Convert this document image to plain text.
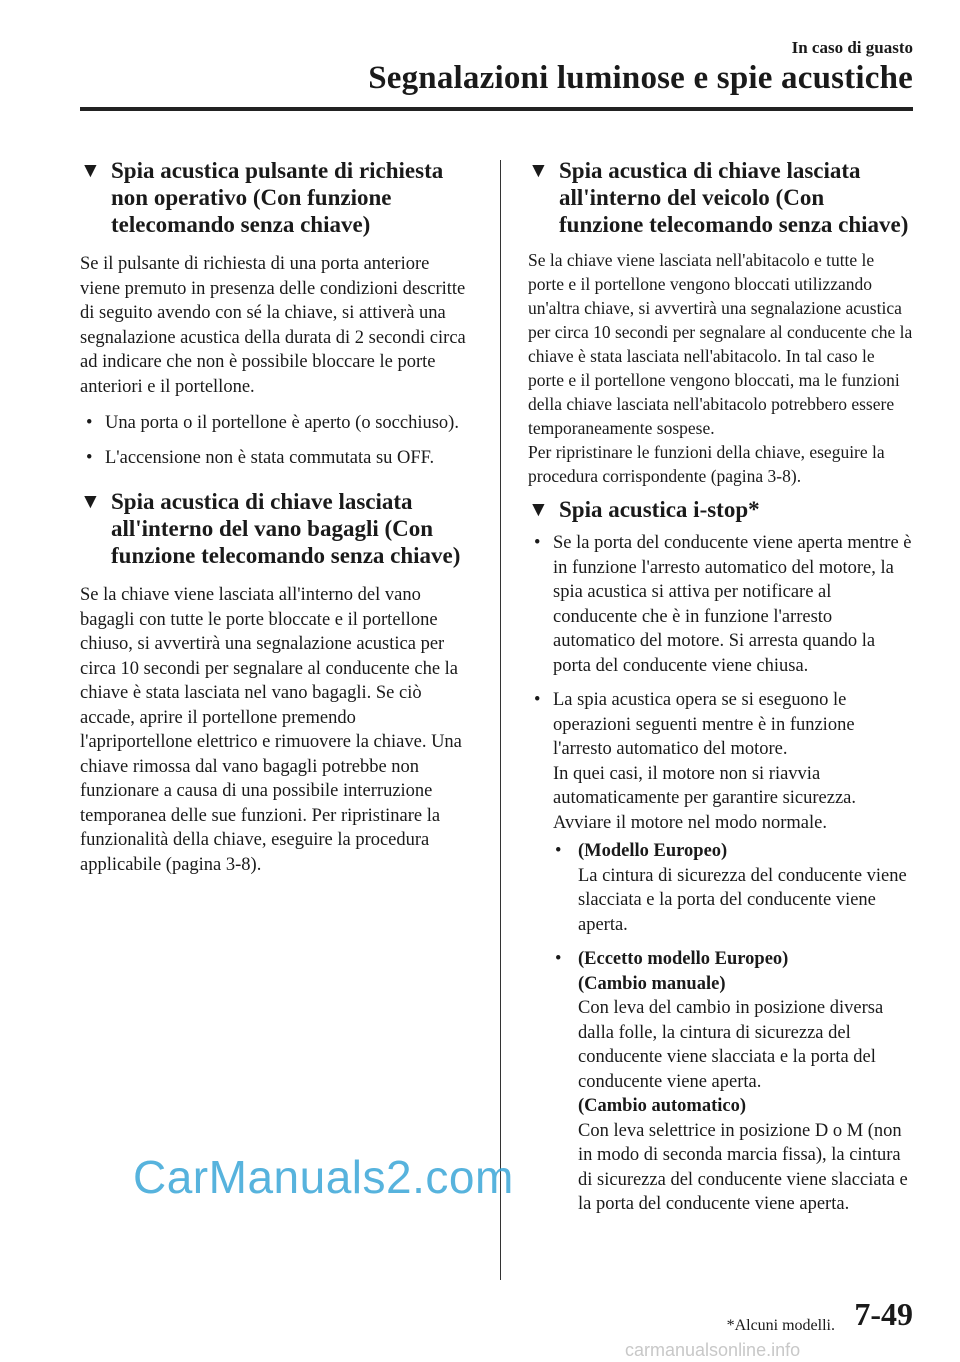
In caso di guasto
Segnalazioni luminose e spie acustiche
▼ Spia acustica pulsante di richiesta non operativo (Con funzione telecomando senza chiave)
Se il pulsante di richiesta di una porta anteriore viene premuto in presenza delle condizioni descritte di seguito avendo con sé la chiave, si attiverà una segnalazione acustica della durata di 2 secondi circa ad indicare che non è possibile bloccare le porte anteriori e il portellone.
• Una porta o il portellone è aperto (o socchiuso).
• L'accensione non è stata commutata su OFF.
▼ Spia acustica di chiave lasciata all'interno del vano bagagli (Con funzione telecomando senza chiave)
Se la chiave viene lasciata all'interno del vano bagagli con tutte le porte bloccate e il portellone chiuso, si avvertirà una segnalazione acustica per circa 10 secondi per segnalare al conducente che la chiave è stata lasciata nel vano bagagli. Se ciò accade, aprire il portellone premendo l'apriportellone elettrico e rimuovere la chiave. Una chiave rimossa dal vano bagagli potrebbe non funzionare a causa di una possibile interruzione temporanea delle sue funzioni. Per ripristinare la funzionalità della chiave, eseguire la procedura applicabile (pagina 3-8).
▼ Spia acustica di chiave lasciata all'interno del veicolo (Con funzione telecomando senza chiave)
Se la chiave viene lasciata nell'abitacolo e tutte le porte e il portellone vengono bloccati utilizzando un'altra chiave, si avvertirà una segnalazione acustica per circa 10 secondi per segnalare al conducente che la chiave è stata lasciata nell'abitacolo. In tal caso le porte e il portellone vengono bloccati, ma le funzioni della chiave lasciata nell'abitacolo potrebbero essere temporaneamente sospese.
Per ripristinare le funzioni della chiave, eseguire la procedura corrispondente (pagina 3-8).
▼ Spia acustica i-stop*
• Se la porta del conducente viene aperta mentre è in funzione l'arresto automatico del motore, la spia acustica si attiva per notificare al conducente che è in funzione l'arresto automatico del motore. Si arresta quando la porta del conducente viene chiusa.
• La spia acustica opera se si eseguono le operazioni seguenti mentre è in funzione l'arresto automatico del motore.
In quei casi, il motore non si riavvia automaticamente per garantire sicurezza. Avviare il motore nel modo normale.
• (Modello Europeo)
La cintura di sicurezza del conducente viene slacciata e la porta del conducente viene aperta.
• (Eccetto modello Europeo)
(Cambio manuale)
Con leva del cambio in posizione diversa dalla folle, la cintura di sicurezza del conducente viene slacciata e la porta del conducente viene aperta.
(Cambio automatico)
Con leva selettrice in posizione D o M (non in modo di seconda marcia fissa), la cintura di sicurezza del conducente viene slacciata e la porta del conducente viene aperta.
*Alcuni modelli. 7-49
CarManuals2.com
carmanualsonline.info
